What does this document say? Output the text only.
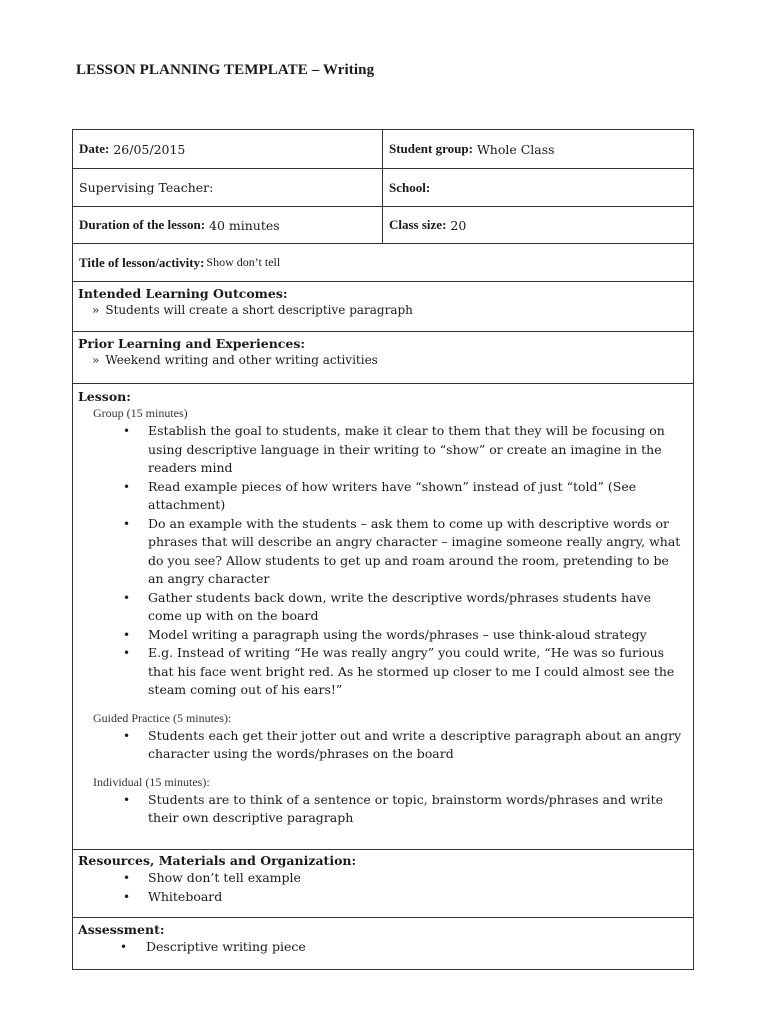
LESSON PLANNING TEMPLATE – Writing
Date: 26/05/2015	Student group: Whole Class
Supervising Teacher:	School:
Duration of the lesson: 40 minutes	Class size: 20
Title of lesson/activity: Show don’t tell
Intended Learning Outcomes:
» Students will create a short descriptive paragraph
Prior Learning and Experiences:
» Weekend writing and other writing activities
Lesson:
Group (15 minutes)
• Establish the goal to students, make it clear to them that they will be focusing on using descriptive language in their writing to “show” or create an imagine in the readers mind
• Read example pieces of how writers have “shown” instead of just “told” (See attachment)
• Do an example with the students – ask them to come up with descriptive words or phrases that will describe an angry character – imagine someone really angry, what do you see? Allow students to get up and roam around the room, pretending to be an angry character
• Gather students back down, write the descriptive words/phrases students have come up with on the board
• Model writing a paragraph using the words/phrases – use think-aloud strategy
• E.g. Instead of writing “He was really angry” you could write, “He was so furious that his face went bright red. As he stormed up closer to me I could almost see the steam coming out of his ears!”
Guided Practice (5 minutes):
• Students each get their jotter out and write a descriptive paragraph about an angry character using the words/phrases on the board
Individual (15 minutes):
• Students are to think of a sentence or topic, brainstorm words/phrases and write their own descriptive paragraph
Resources, Materials and Organization:
• Show don’t tell example
• Whiteboard
Assessment:
• Descriptive writing piece
